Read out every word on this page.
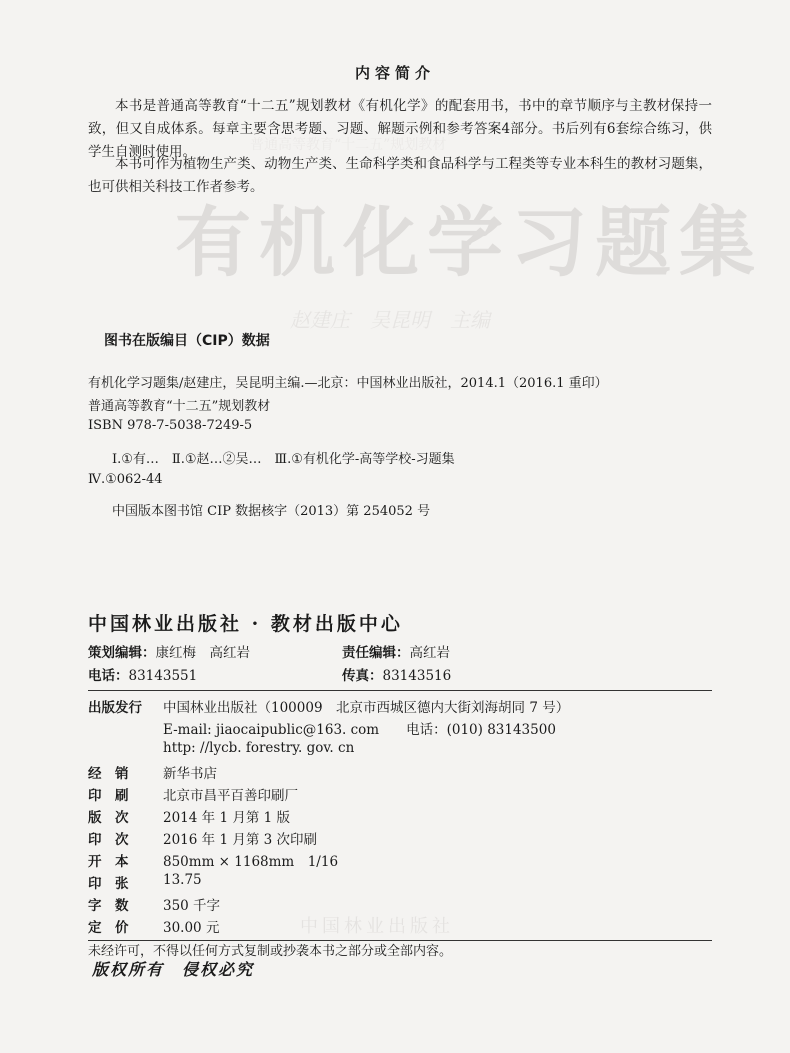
普通高等教育“十二五”规划教材
有机化学习题集
赵建庄　吴昆明　主编
中国林业出版社
内容简介
本书是普通高等教育“十二五”规划教材《有机化学》的配套用书，书中的章节顺序与主教材保持一致，但又自成体系。每章主要含思考题、习题、解题示例和参考答案4部分。书后列有6套综合练习，供学生自测时使用。
本书可作为植物生产类、动物生产类、生命科学类和食品科学与工程类等专业本科生的教材习题集，也可供相关科技工作者参考。
图书在版编目（CIP）数据
有机化学习题集/赵建庄，吴昆明主编.—北京：中国林业出版社，2014.1（2016.1 重印）
普通高等教育“十二五”规划教材
ISBN 978-7-5038-7249-5
Ⅰ.①有…　Ⅱ.①赵…②吴…　Ⅲ.①有机化学-高等学校-习题集
Ⅳ.①062-44
中国版本图书馆 CIP 数据核字（2013）第 254052 号
中国林业出版社 · 教材出版中心
策划编辑：康红梅　高红岩	责任编辑：高红岩
电话：83143551	传真：83143516
出版发行 中国林业出版社（100009　北京市西城区德内大街刘海胡同 7 号）
E-mail: jiaocaipublic@163. com　　电话：(010) 83143500
http: //lycb. forestry. gov. cn
经　销	新华书店
印　刷	北京市昌平百善印刷厂
版　次	2014 年 1 月第 1 版
印　次	2016 年 1 月第 3 次印刷
开　本	850mm × 1168mm　1/16
印　张	13.75
字　数	350 千字
定　价	30.00 元
未经许可，不得以任何方式复制或抄袭本书之部分或全部内容。
版权所有　侵权必究
